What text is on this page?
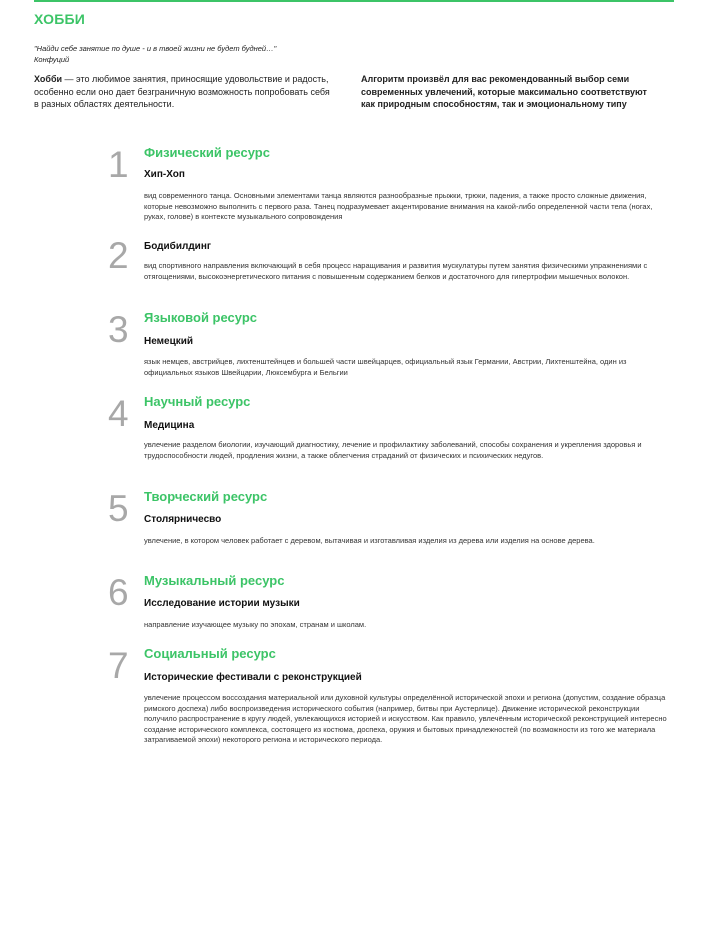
ХОББИ
"Найди себе занятие по душе - и в твоей жизни не будет будней…"
Конфуций
Хобби — это любимое занятия, приносящие удовольствие и радость, особенно если оно дает безграничную возможность попробовать себя в разных областях деятельности.
Алгоритм произвёл для вас рекомендованный выбор семи современных увлечений, которые максимально соответствуют как природным способностям, так и эмоциональному типу
1	Физический ресурс
Хип-Хоп

вид современного танца. Основными элементами танца являются разнообразные прыжки, трюки, падения, а также просто сложные движения, которые невозможно выполнить с первого раза. Танец подразумевает акцентирование внимания на какой-либо определенной части тела (ногах, руках, голове) в контексте музыкального сопровождения

2	Бодибилдинг

вид спортивного направления включающий в себя процесс наращивания и развития мускулатуры путем занятия физическими упражнениями с отягощениями, высокоэнергетического питания с повышенным содержанием белков и достаточного для гипертрофии мышечных волокон.

3	Языковой ресурс
Немецкий

язык немцев, австрийцев, лихтенштейнцев и большей части швейцарцев, официальный язык Германии, Австрии, Лихтенштейна, один из официальных языков Швейцарии, Люксембурга и Бельгии

4	Научный ресурс
Медицина

увлечение разделом биологии, изучающий диагностику, лечение и профилактику заболеваний, способы сохранения и укрепления здоровья и трудоспособности людей, продления жизни, а также облегчения страданий от физических и психических недугов.

5	Творческий ресурс
Столярничесво

увлечение, в котором человек работает с деревом, вытачивая и изготавливая изделия из дерева или изделия на основе дерева.

6	Музыкальный ресурс
Исследование истории музыки

направление изучающее музыку по эпохам, странам и школам.

7	Социальный ресурс
Исторические фестивали с реконструкцией

увлечение процессом воссоздания материальной или духовной культуры определённой исторической эпохи и региона (допустим, создание образца римского доспеха) либо воспроизведения исторического события (например, битвы при Аустерлице). Движение исторической реконструкции получило распространение в кругу людей, увлекающихся историей и искусством. Как правило, увлечённым исторической реконструкцией интересно создание исторического комплекса, состоящего из костюма, доспеха, оружия и бытовых принадлежностей (по возможности из того же материала затрагиваемой эпохи) некоторого региона и исторического периода.
